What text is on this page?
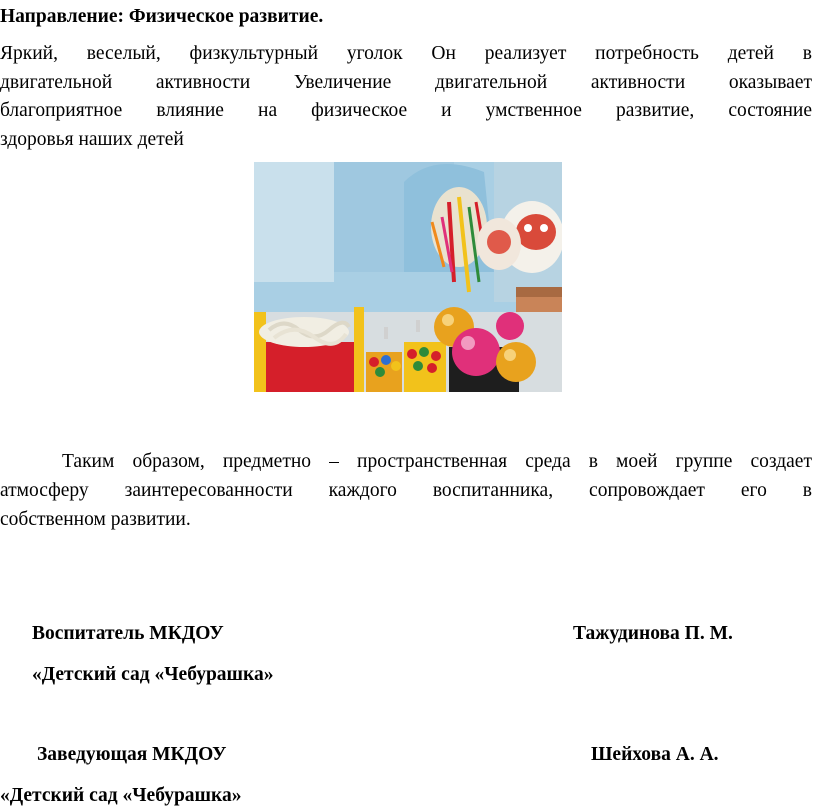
Направление: Физическое развитие.
Яркий, веселый, физкультурный уголок Он реализует потребность детей в
двигательной активности Увеличение двигательной активности оказывает
благоприятное влияние на физическое и умственное развитие, состояние
здоровья наших детей
Таким образом, предметно – пространственная среда в моей группе создает
атмосферу заинтересованности каждого воспитанника, сопровождает его в
собственном развитии.
Воспитатель МКДОУ	Тажудинова П. М.
«Детский сад «Чебурашка»
Заведующая МКДОУ	Шейхова А. А.
«Детский сад «Чебурашка»
